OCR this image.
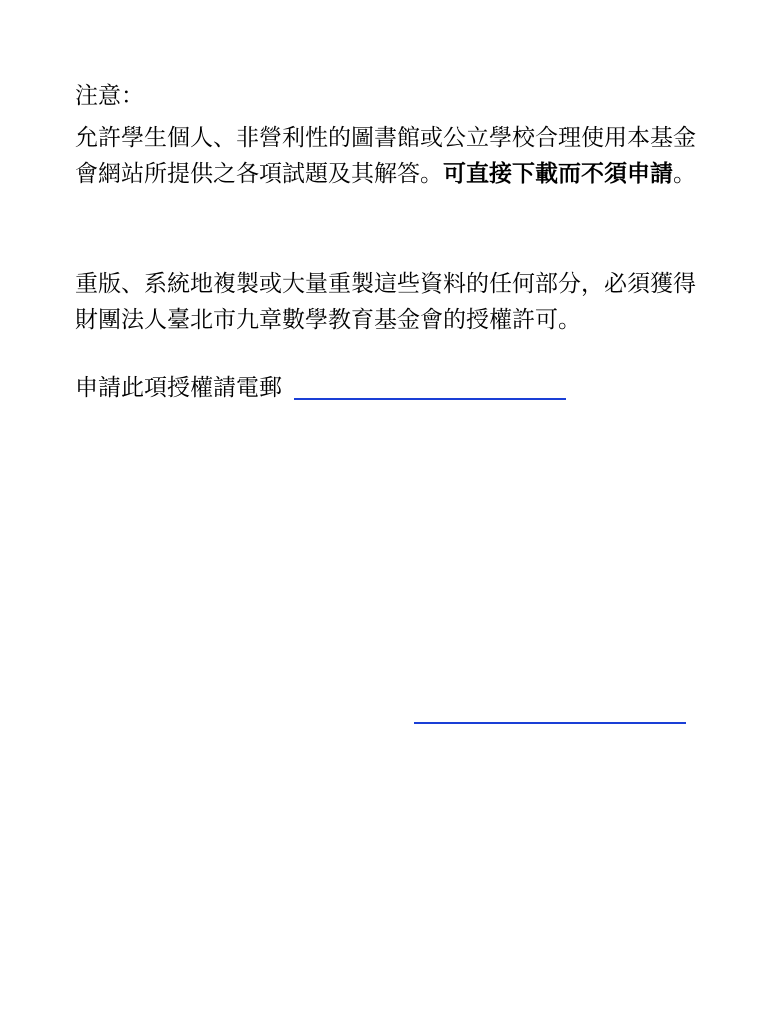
注意：

允許學生個人、非營利性的圖書館或公立學校合理使用本基金會網站所提供之各項試題及其解答。可直接下載而不須申請。

重版、系統地複製或大量重製這些資料的任何部分，必須獲得財團法人臺北市九章數學教育基金會的授權許可。

申請此項授權請電郵
